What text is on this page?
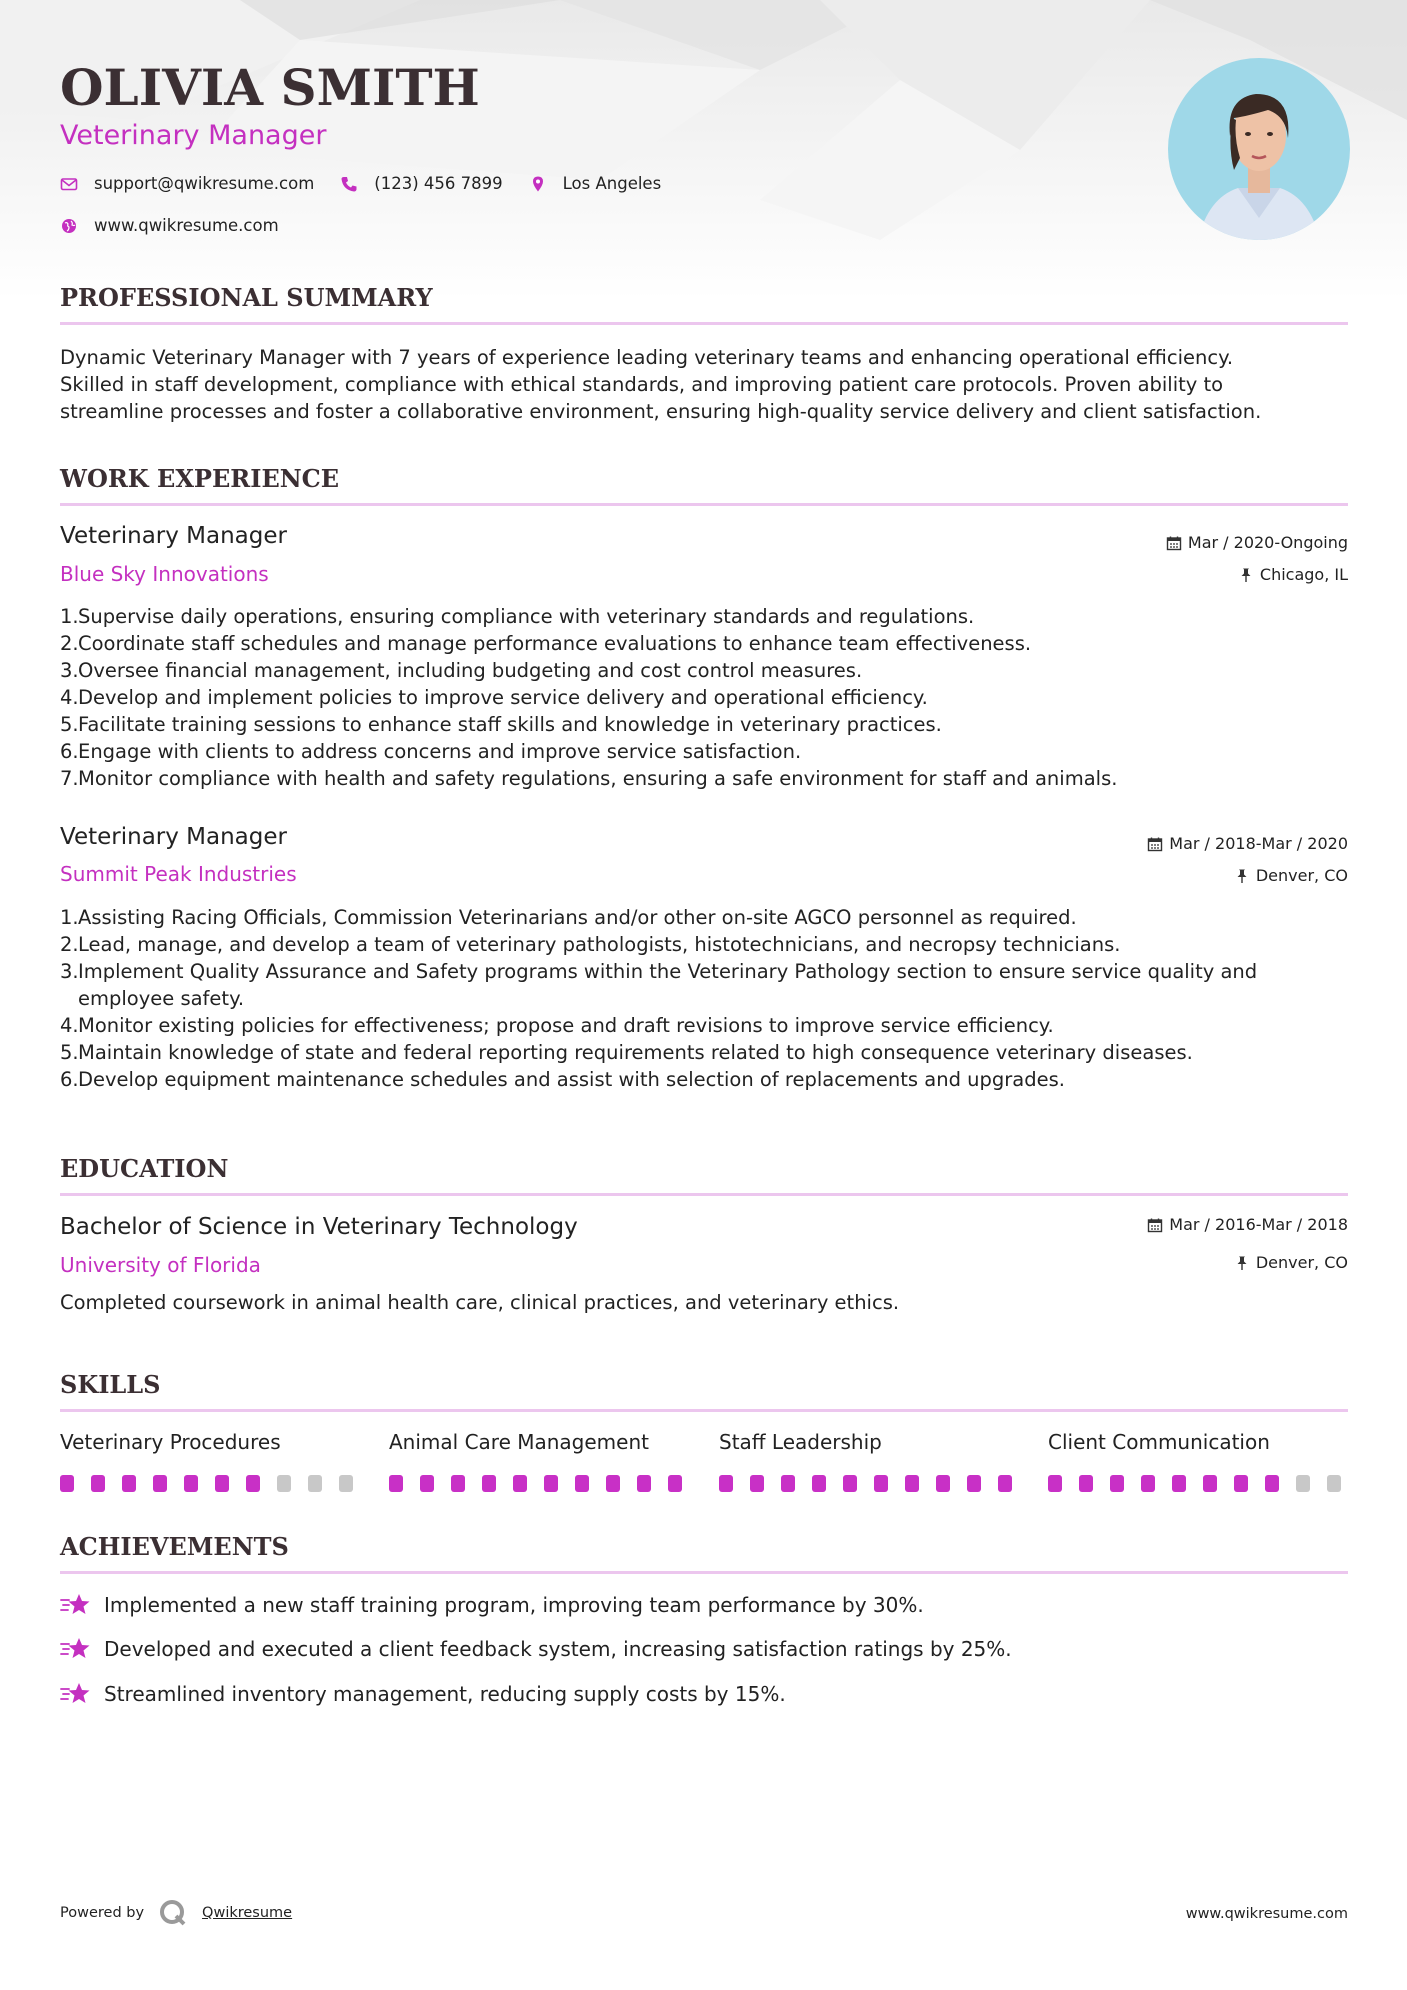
OLIVIA SMITH
Veterinary Manager
support@qwikresume.com	(123) 456 7899	Los Angeles
www.qwikresume.com
PROFESSIONAL SUMMARY
Dynamic Veterinary Manager with 7 years of experience leading veterinary teams and enhancing operational efficiency.
Skilled in staff development, compliance with ethical standards, and improving patient care protocols. Proven ability to
streamline processes and foster a collaborative environment, ensuring high-quality service delivery and client satisfaction.
WORK EXPERIENCE
Veterinary Manager
Blue Sky Innovations
Mar / 2020-Ongoing
Chicago, IL
1. Supervise daily operations, ensuring compliance with veterinary standards and regulations.
2. Coordinate staff schedules and manage performance evaluations to enhance team effectiveness.
3. Oversee financial management, including budgeting and cost control measures.
4. Develop and implement policies to improve service delivery and operational efficiency.
5. Facilitate training sessions to enhance staff skills and knowledge in veterinary practices.
6. Engage with clients to address concerns and improve service satisfaction.
7. Monitor compliance with health and safety regulations, ensuring a safe environment for staff and animals.
Veterinary Manager
Summit Peak Industries
Mar / 2018-Mar / 2020
Denver, CO
1. Assisting Racing Officials, Commission Veterinarians and/or other on-site AGCO personnel as required.
2. Lead, manage, and develop a team of veterinary pathologists, histotechnicians, and necropsy technicians.
3. Implement Quality Assurance and Safety programs within the Veterinary Pathology section to ensure service quality and employee safety.
4. Monitor existing policies for effectiveness; propose and draft revisions to improve service efficiency.
5. Maintain knowledge of state and federal reporting requirements related to high consequence veterinary diseases.
6. Develop equipment maintenance schedules and assist with selection of replacements and upgrades.
EDUCATION
Bachelor of Science in Veterinary Technology
University of Florida
Mar / 2016-Mar / 2018
Denver, CO
Completed coursework in animal health care, clinical practices, and veterinary ethics.
SKILLS
Veterinary Procedures	Animal Care Management	Staff Leadership	Client Communication
ACHIEVEMENTS
Implemented a new staff training program, improving team performance by 30%.
Developed and executed a client feedback system, increasing satisfaction ratings by 25%.
Streamlined inventory management, reducing supply costs by 15%.
Powered by	Qwikresume	www.qwikresume.com
